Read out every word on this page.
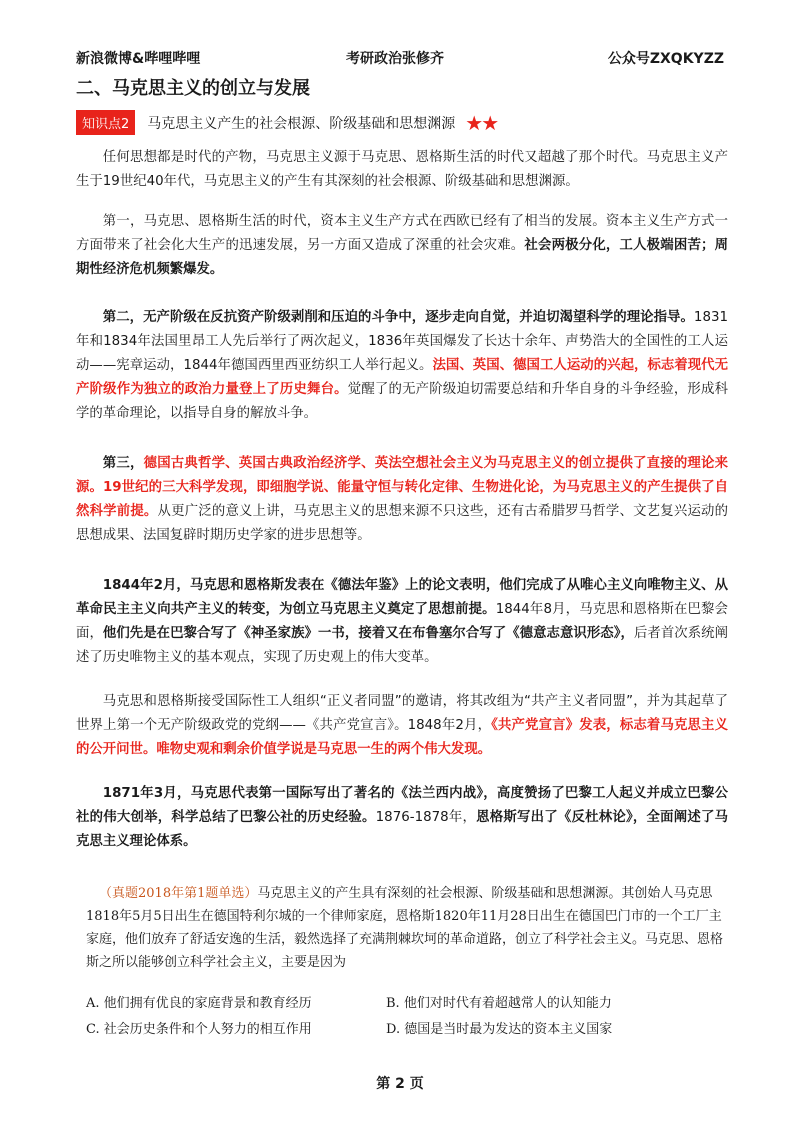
新浪微博&哔哩哔哩	考研政治张修齐	公众号ZXQKYZZ
二、马克思主义的创立与发展
知识点2	马克思主义产生的社会根源、阶级基础和思想渊源 ★★

任何思想都是时代的产物，马克思主义源于马克思、恩格斯生活的时代又超越了那个时代。马克思主义产生于19世纪40年代，马克思主义的产生有其深刻的社会根源、阶级基础和思想渊源。

第一，马克思、恩格斯生活的时代，资本主义生产方式在西欧已经有了相当的发展。资本主义生产方式一方面带来了社会化大生产的迅速发展，另一方面又造成了深重的社会灾难。社会两极分化，工人极端困苦；周期性经济危机频繁爆发。

第二，无产阶级在反抗资产阶级剥削和压迫的斗争中，逐步走向自觉，并迫切渴望科学的理论指导。1831年和1834年法国里昂工人先后举行了两次起义，1836年英国爆发了长达十余年、声势浩大的全国性的工人运动——宪章运动，1844年德国西里西亚纺织工人举行起义。法国、英国、德国工人运动的兴起，标志着现代无产阶级作为独立的政治力量登上了历史舞台。觉醒了的无产阶级迫切需要总结和升华自身的斗争经验，形成科学的革命理论，以指导自身的解放斗争。

第三，德国古典哲学、英国古典政治经济学、英法空想社会主义为马克思主义的创立提供了直接的理论来源。19世纪的三大科学发现，即细胞学说、能量守恒与转化定律、生物进化论，为马克思主义的产生提供了自然科学前提。从更广泛的意义上讲，马克思主义的思想来源不只这些，还有古希腊罗马哲学、文艺复兴运动的思想成果、法国复辟时期历史学家的进步思想等。

1844年2月，马克思和恩格斯发表在《德法年鉴》上的论文表明，他们完成了从唯心主义向唯物主义、从革命民主主义向共产主义的转变，为创立马克思主义奠定了思想前提。1844年8月，马克思和恩格斯在巴黎会面，他们先是在巴黎合写了《神圣家族》一书，接着又在布鲁塞尔合写了《德意志意识形态》，后者首次系统阐述了历史唯物主义的基本观点，实现了历史观上的伟大变革。

马克思和恩格斯接受国际性工人组织“正义者同盟”的邀请，将其改组为“共产主义者同盟”，并为其起草了世界上第一个无产阶级政党的党纲——《共产党宣言》。1848年2月，《共产党宣言》发表，标志着马克思主义的公开问世。唯物史观和剩余价值学说是马克思一生的两个伟大发现。

1871年3月，马克思代表第一国际写出了著名的《法兰西内战》，高度赞扬了巴黎工人起义并成立巴黎公社的伟大创举，科学总结了巴黎公社的历史经验。1876-1878年，恩格斯写出了《反杜林论》，全面阐述了马克思主义理论体系。

（真题2018年第1题单选）马克思主义的产生具有深刻的社会根源、阶级基础和思想渊源。其创始人马克思1818年5月5日出生在德国特利尔城的一个律师家庭，恩格斯1820年11月28日出生在德国巴门市的一个工厂主家庭，他们放弃了舒适安逸的生活，毅然选择了充满荆棘坎坷的革命道路，创立了科学社会主义。马克思、恩格斯之所以能够创立科学社会主义，主要是因为

A. 他们拥有优良的家庭背景和教育经历	B. 他们对时代有着超越常人的认知能力
C. 社会历史条件和个人努力的相互作用	D. 德国是当时最为发达的资本主义国家
第 2 页
